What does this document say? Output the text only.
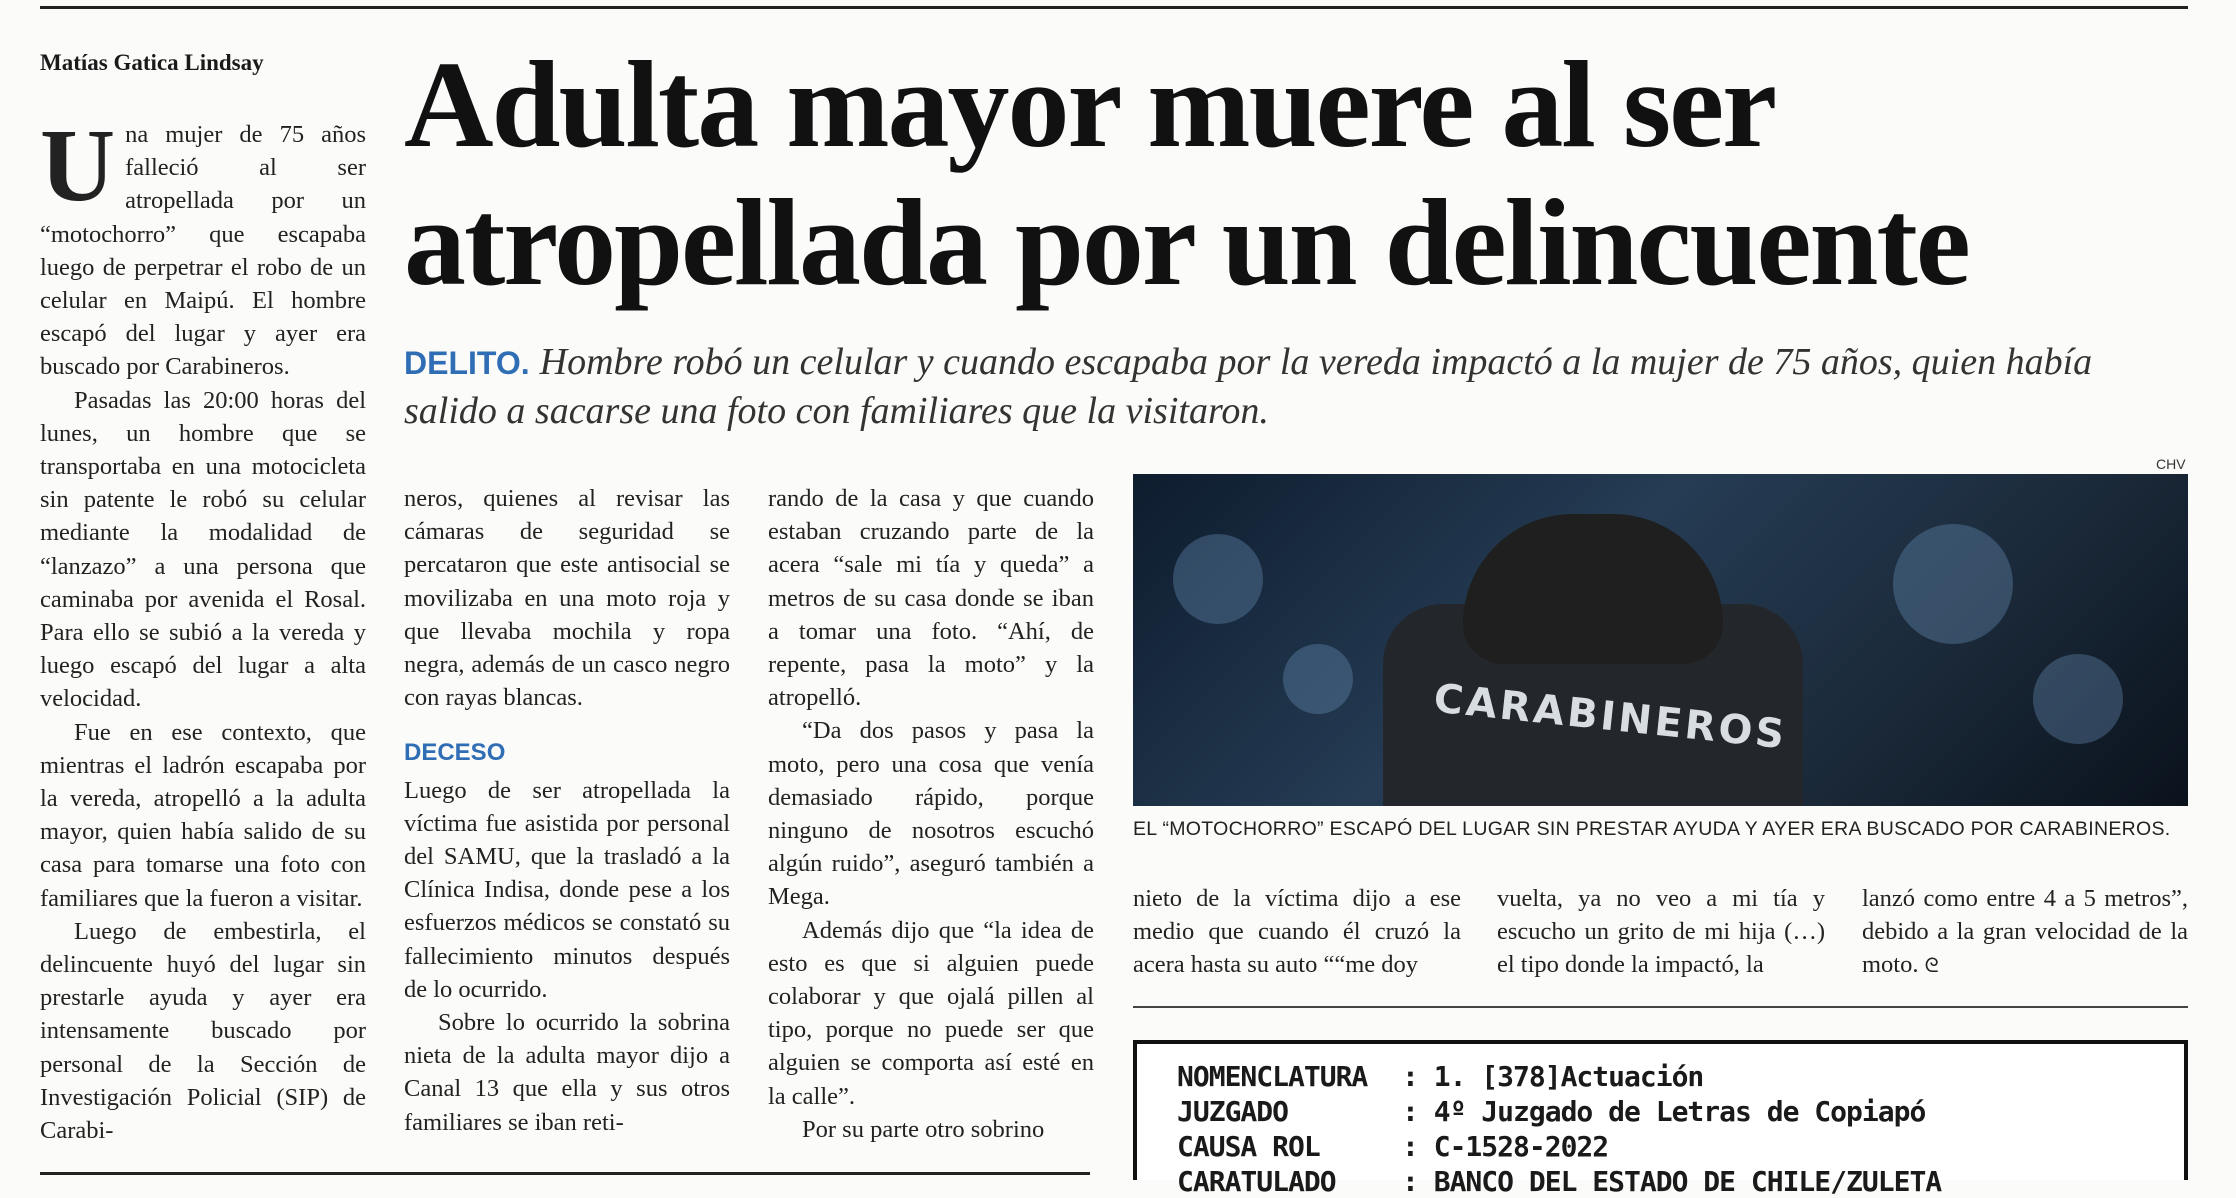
Matías Gatica Lindsay Adulta mayor muere al ser
atropellada por un delincuente
DELITO. Hombre robó un celular y cuando escapaba por la vereda impactó a la mujer de 75 años, quien había salido a sacarse una foto con familiares que la visitaron.

Una mujer de 75 años falleció al ser atropellada por un “motochorro” que escapaba luego de perpetrar el robo de un celular en Maipú. El hombre escapó del lugar y ayer era buscado por Carabineros.

Pasadas las 20:00 horas del lunes, un hombre que se transportaba en una motocicleta sin patente le robó su celular mediante la modalidad de “lanzazo” a una persona que caminaba por avenida el Rosal. Para ello se subió a la vereda y luego escapó del lugar a alta velocidad.

Fue en ese contexto, que mientras el ladrón escapaba por la vereda, atropelló a la adulta mayor, quien había salido de su casa para tomarse una foto con familiares que la fueron a visitar.

Luego de embestirla, el delincuente huyó del lugar sin prestarle ayuda y ayer era intensamente buscado por personal de la Sección de Investigación Policial (SIP) de Carabi-

neros, quienes al revisar las cámaras de seguridad se percataron que este antisocial se movilizaba en una moto roja y que llevaba mochila y ropa negra, además de un casco negro con rayas blancas.

DECESO

Luego de ser atropellada la víctima fue asistida por personal del SAMU, que la trasladó a la Clínica Indisa, donde pese a los esfuerzos médicos se constató su fallecimiento minutos después de lo ocurrido.

Sobre lo ocurrido la sobrina nieta de la adulta mayor dijo a Canal 13 que ella y sus otros familiares se iban reti-

rando de la casa y que cuando estaban cruzando parte de la acera “sale mi tía y queda” a metros de su casa donde se iban a tomar una foto. “Ahí, de repente, pasa la moto” y la atropelló.

“Da dos pasos y pasa la moto, pero una cosa que venía demasiado rápido, porque ninguno de nosotros escuchó algún ruido”, aseguró también a Mega.

Además dijo que “la idea de esto es que si alguien puede colaborar y que ojalá pillen al tipo, porque no puede ser que alguien se comporta así esté en la calle”.

Por su parte otro sobrino

CHV
CARABINEROS
EL “MOTOCHORRO” ESCAPÓ DEL LUGAR SIN PRESTAR AYUDA Y AYER ERA BUSCADO POR CARABINEROS.

nieto de la víctima dijo a ese medio que cuando él cruzó la acera hasta su auto ““me doy

vuelta, ya no veo a mi tía y escucho un grito de mi hija (…) el tipo donde la impactó, la

lanzó como entre 4 a 5 metros”, debido a la gran velocidad de la moto. ᘓ

NOMENCLATURA	: 1. [378]Actuación
JUZGADO	: 4º Juzgado de Letras de Copiapó
CAUSA ROL	: C-1528-2022
CARATULADO	: BANCO DEL ESTADO DE CHILE/ZULETA
